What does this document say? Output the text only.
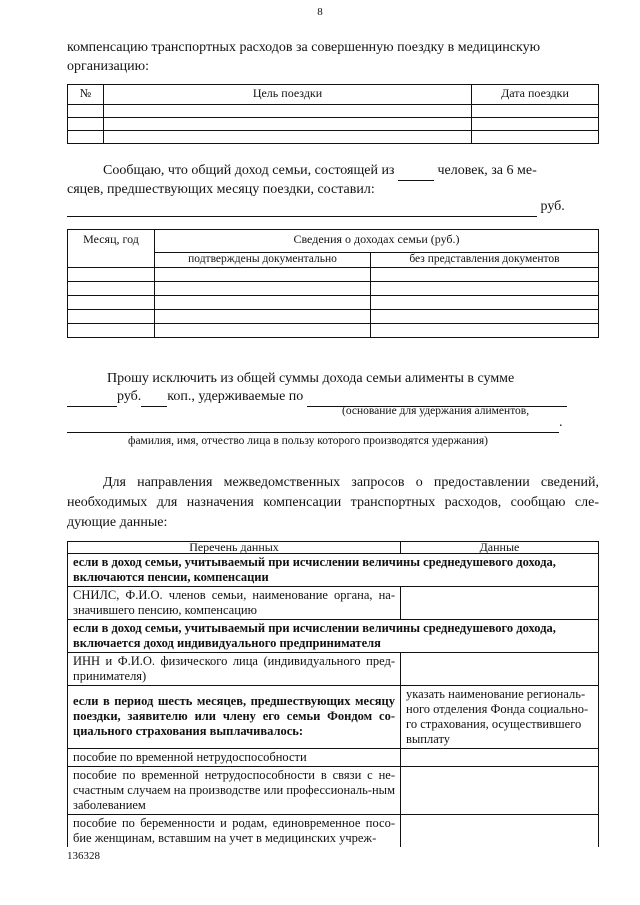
8
компенсацию транспортных расходов за совершенную поездку в медицинскую
организацию:
№	Цель поездки	Дата поездки

Сообщаю, что общий доход семьи, состоящей из	человек, за 6 ме-
сяцев, предшествующих месяцу поездки, составил:
руб.
Месяц, год	Сведения о доходах семьи (руб.)	
	подтверждены документально	без представления документов

Прошу исключить из общей суммы дохода семьи алименты в сумме
руб. коп., удерживаемые по
(основание для удержания алиментов,
.
фамилия, имя, отчество лица в пользу которого производятся удержания)
Для направления межведомственных запросов о предоставлении сведений, необходимых для назначения компенсации транспортных расходов, сообщаю сле-дующие данные:
Перечень данных	Данные
если в доход семьи, учитываемый при исчислении величины среднедушевого дохода, включаются пенсии, компенсации	
СНИЛС, Ф.И.О. членов семьи, наименование органа, на-значившего пенсию, компенсацию	
если в доход семьи, учитываемый при исчислении величины среднедушевого дохода, включается доход индивидуального предпринимателя	
ИНН и Ф.И.О. физического лица (индивидуального пред-принимателя)	
если в период шесть месяцев, предшествующих месяцу поездки, заявителю или члену его семьи Фондом со-циального страхования выплачивалось:	указать наименование региональ-ного отделения Фонда социально-го страхования, осуществившего выплату
пособие по временной нетрудоспособности	
пособие по временной нетрудоспособности в связи с не-счастным случаем на производстве или профессиональ-ным заболеванием	
пособие по беременности и родам, единовременное посо-бие женщинам, вставшим на учет в медицинских учреж-	
136328
